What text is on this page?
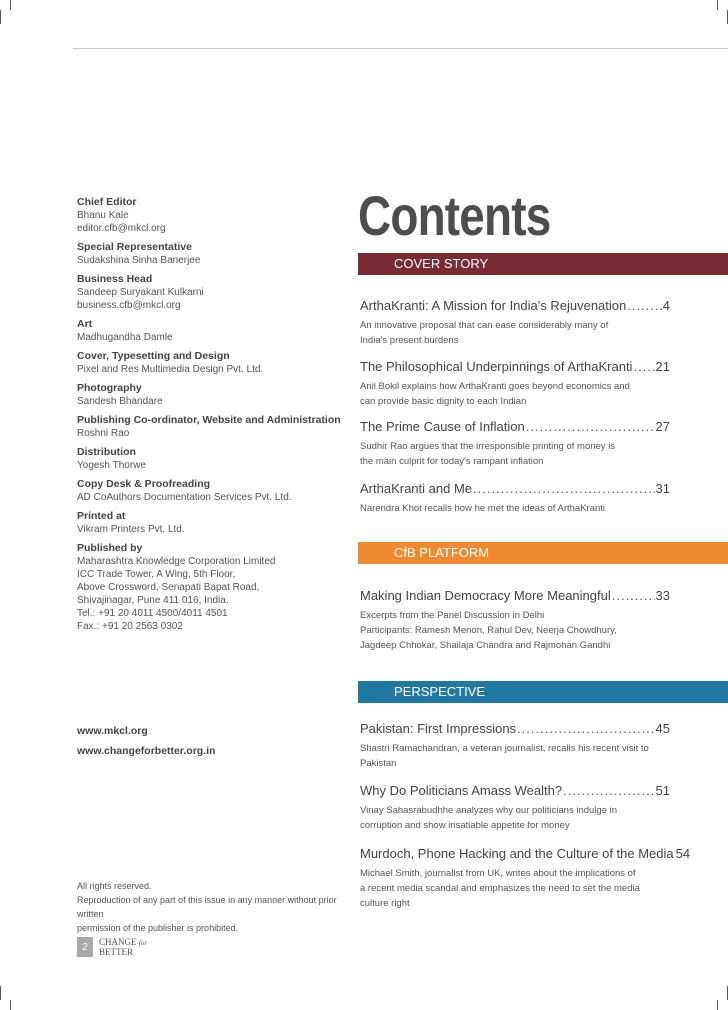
Chief Editor
Bhanu Kale
editor.cfb@mkcl.org
Special Representative
Sudakshina Sinha Banerjee
Business Head
Sandeep Suryakant Kulkarni
business.cfb@mkcl.org
Art
Madhugandha Damle
Cover, Typesetting and Design
Pixel and Res Multimedia Design Pvt. Ltd.
Photography
Sandesh Bhandare
Publishing Co-ordinator, Website and Administration
Roshni Rao
Distribution
Yogesh Thorwe
Copy Desk & Proofreading
AD CoAuthors Documentation Services Pvt. Ltd.
Printed at
Vikram Printers Pvt. Ltd.
Published by
Maharashtra Knowledge Corporation Limited
ICC Trade Tower, A Wing, 5th Floor,
Above Crossword, Senapati Bapat Road,
Shivajinagar, Pune 411 016, India.
Tel.: +91 20 4011 4500/4011 4501
Fax.: +91 20 2563 0302
www.mkcl.org
www.changeforbetter.org.in
All rights reserved.
Reproduction of any part of this issue in any manner without prior written
permission of the publisher is prohibited.
2	CHANGE for
BETTER
Contents
COVER STORY
CfB PLATFORM
PERSPECTIVE
ArthaKranti: A Mission for India's Rejuvenation .....	4
An innovative proposal that can ease considerably many of
India's present burdens
The Philosophical Underpinnings of ArthaKranti ..... 21
Anil Bokil explains how ArthaKranti goes beyond economics and
can provide basic dignity to each Indian
The Prime Cause of Inflation .....	27
Sudhir Rao argues that the irresponsible printing of money is
the main culprit for today's rampant inflation
ArthaKranti and Me .....	31
Narendra Khot recalls how he met the ideas of ArthaKranti
Making Indian Democracy More Meaningful .....	33
Excerpts from the Panel Discussion in Delhi
Participants: Ramesh Menon, Rahul Dev, Neerja Chowdhury,
Jagdeep Chhokar, Shailaja Chandra and Rajmohan Gandhi
Pakistan: First Impressions .....	45
Shastri Ramachandran, a veteran journalist, recalls his recent visit to
Pakistan
Why Do Politicians Amass Wealth? .....	51
Vinay Sahasrabudhhe analyzes why our politicians indulge in
corruption and show insatiable appetite for money
Murdoch, Phone Hacking and the Culture of the Media 54
Michael Smith, journalist from UK, writes about the implications of
a recent media scandal and emphasizes the need to set the media
culture right
